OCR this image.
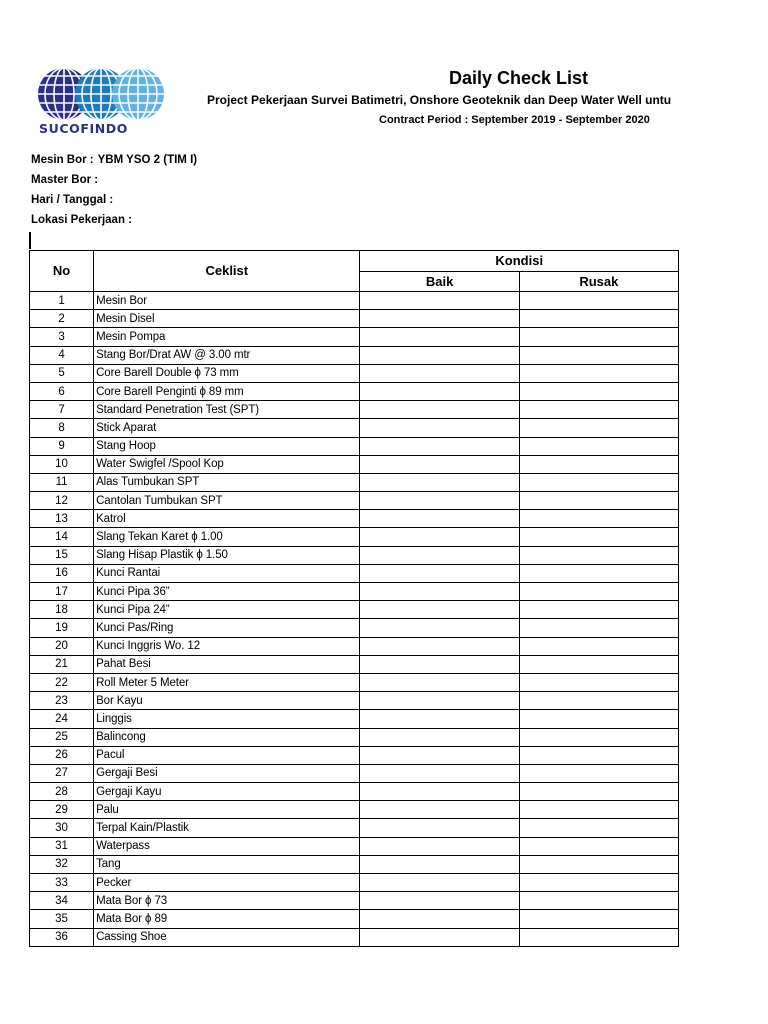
SUCOFINDO
Daily Check List
Project Pekerjaan Survei Batimetri, Onshore Geoteknik dan Deep Water Well untu
Contract Period : September 2019 - September 2020
Mesin Bor : YBM YSO 2 (TIM I)
Master Bor :
Hari / Tanggal :
Lokasi Pekerjaan :
No	Ceklist	Kondisi	
		Baik	Rusak
1	Mesin Bor		
2	Mesin Disel		
3	Mesin Pompa		
4	Stang Bor/Drat AW @ 3.00 mtr		
5	Core Barell Double ϕ 73 mm		
6	Core Barell Penginti ϕ 89 mm		
7	Standard Penetration Test (SPT)		
8	Stick Aparat		
9	Stang Hoop		
10	Water Swigfel /Spool Kop		
11	Alas Tumbukan SPT		
12	Cantolan Tumbukan SPT		
13	Katrol		
14	Slang Tekan Karet ϕ 1.00		
15	Slang Hisap Plastik ϕ 1.50		
16	Kunci Rantai		
17	Kunci Pipa 36”		
18	Kunci Pipa 24”		
19	Kunci Pas/Ring		
20	Kunci Inggris Wo. 12		
21	Pahat Besi		
22	Roll Meter 5 Meter		
23	Bor Kayu		
24	Linggis		
25	Balincong		
26	Pacul		
27	Gergaji Besi		
28	Gergaji Kayu		
29	Palu		
30	Terpal Kain/Plastik		
31	Waterpass		
32	Tang		
33	Pecker		
34	Mata Bor ϕ 73		
35	Mata Bor ϕ 89		
36	Cassing Shoe		
